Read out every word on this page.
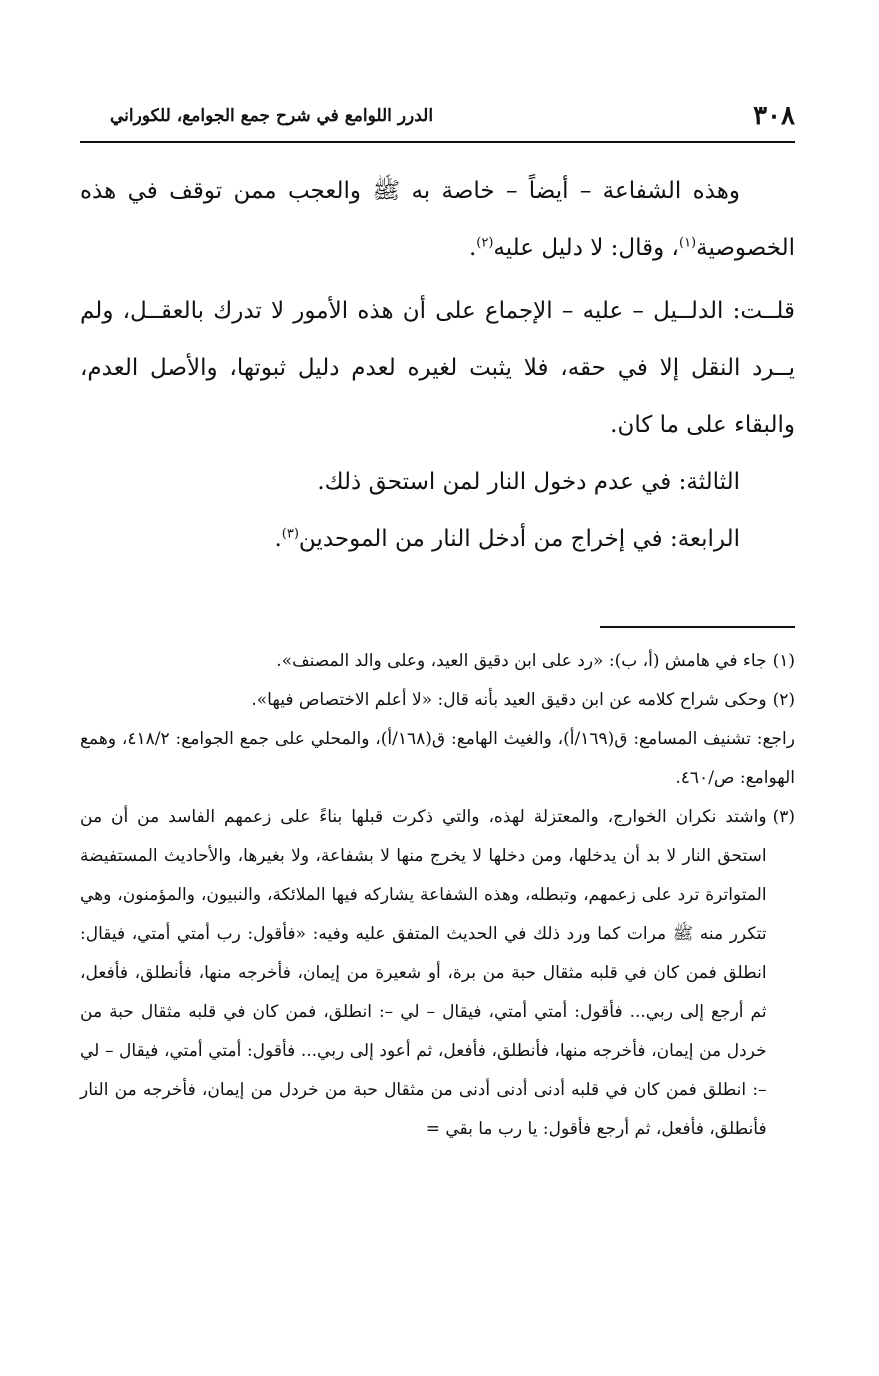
٣٠٨
الدرر اللوامع في شرح جمع الجوامع، للكوراني

وهذه الشفاعة – أيضاً – خاصة به ﷺ والعجب ممن توقف في هذه الخصوصية$^{(١)}$، وقال: لا دليل عليه$^{(٢)}$.

قلــت: الدلــيل – عليه – الإجماع على أن هذه الأمور لا تدرك بالعقــل، ولم يــرد النقل إلا في حقه، فلا يثبت لغيره لعدم دليل ثبوتها، والأصل العدم، والبقاء على ما كان.

الثالثة: في عدم دخول النار لمن استحق ذلك.

الرابعة: في إخراج من أدخل النار من الموحدين$^{(٣)}$.

(١)
جاء في هامش (أ، ب): «رد على ابن دقيق العيد، وعلى والد المصنف».
(٢)
وحكى شراح كلامه عن ابن دقيق العيد بأنه قال: «لا أعلم الاختصاص فيها».

راجع: تشنيف المسامع: ق(١٦٩/أ)، والغيث الهامع: ق(١٦٨/أ)، والمحلي على جمع الجوامع: ٤١٨/٢، وهمع الهوامع: ص/٤٦٠.

(٣)
واشتد نكران الخوارج، والمعتزلة لهذه، والتي ذكرت قبلها بناءً على زعمهم الفاسد من أن من استحق النار لا بد أن يدخلها، ومن دخلها لا يخرج منها لا بشفاعة، ولا بغيرها، والأحاديث المستفيضة المتواترة ترد على زعمهم، وتبطله، وهذه الشفاعة يشاركه فيها الملائكة، والنبيون، والمؤمنون، وهي تتكرر منه ﷺ مرات كما ورد ذلك في الحديث المتفق عليه وفيه: «فأقول: رب أمتي أمتي، فيقال: انطلق فمن كان في قلبه مثقال حبة من برة، أو شعيرة من إيمان، فأخرجه منها، فأنطلق، فأفعل، ثم أرجع إلى ربي... فأقول: أمتي أمتي، فيقال – لي –: انطلق، فمن كان في قلبه مثقال حبة من خردل من إيمان، فأخرجه منها، فأنطلق، فأفعل، ثم أعود إلى ربي... فأقول: أمتي أمتي، فيقال – لي –: انطلق فمن كان في قلبه أدنى أدنى أدنى من مثقال حبة من خردل من إيمان، فأخرجه من النار فأنطلق، فأفعل، ثم أرجع فأقول: يا رب ما بقي =
